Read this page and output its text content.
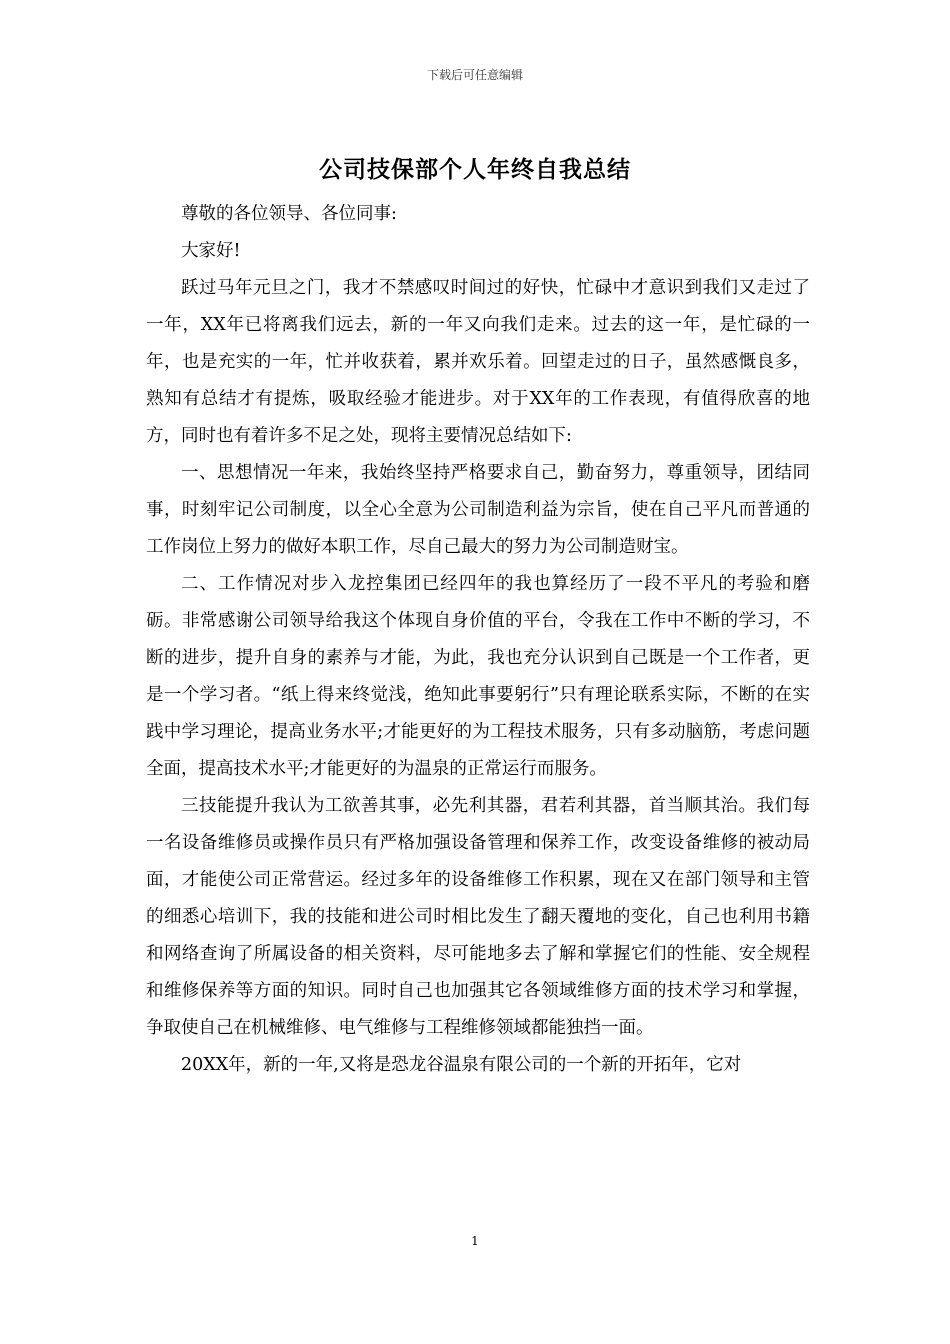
下载后可任意编辑
公司技保部个人年终自我总结

尊敬的各位领导、各位同事:

大家好!

跃过马年元旦之门，我才不禁感叹时间过的好快，忙碌中才意识到我们又走过了一年，XX年已将离我们远去，新的一年又向我们走来。过去的这一年，是忙碌的一年，也是充实的一年，忙并收获着，累并欢乐着。回望走过的日子，虽然感慨良多，熟知有总结才有提炼，吸取经验才能进步。对于XX年的工作表现，有值得欣喜的地方，同时也有着许多不足之处，现将主要情况总结如下:

一、思想情况一年来，我始终坚持严格要求自己，勤奋努力，尊重领导，团结同事，时刻牢记公司制度，以全心全意为公司制造利益为宗旨，使在自己平凡而普通的工作岗位上努力的做好本职工作，尽自己最大的努力为公司制造财宝。

二、工作情况对步入龙控集团已经四年的我也算经历了一段不平凡的考验和磨砺。非常感谢公司领导给我这个体现自身价值的平台，令我在工作中不断的学习，不断的进步，提升自身的素养与才能，为此，我也充分认识到自己既是一个工作者，更是一个学习者。“纸上得来终觉浅，绝知此事要躬行”只有理论联系实际，不断的在实践中学习理论，提高业务水平;才能更好的为工程技术服务，只有多动脑筋，考虑问题全面，提高技术水平;才能更好的为温泉的正常运行而服务。

三技能提升我认为工欲善其事，必先利其器，君若利其器，首当顺其治。我们每一名设备维修员或操作员只有严格加强设备管理和保养工作，改变设备维修的被动局面，才能使公司正常营运。经过多年的设备维修工作积累，现在又在部门领导和主管的细悉心培训下，我的技能和进公司时相比发生了翻天覆地的变化，自己也利用书籍和网络查询了所属设备的相关资料，尽可能地多去了解和掌握它们的性能、安全规程和维修保养等方面的知识。同时自己也加强其它各领域维修方面的技术学习和掌握，争取使自己在机械维修、电气维修与工程维修领域都能独挡一面。

20XX年，新的一年,又将是恐龙谷温泉有限公司的一个新的开拓年，它对

1
